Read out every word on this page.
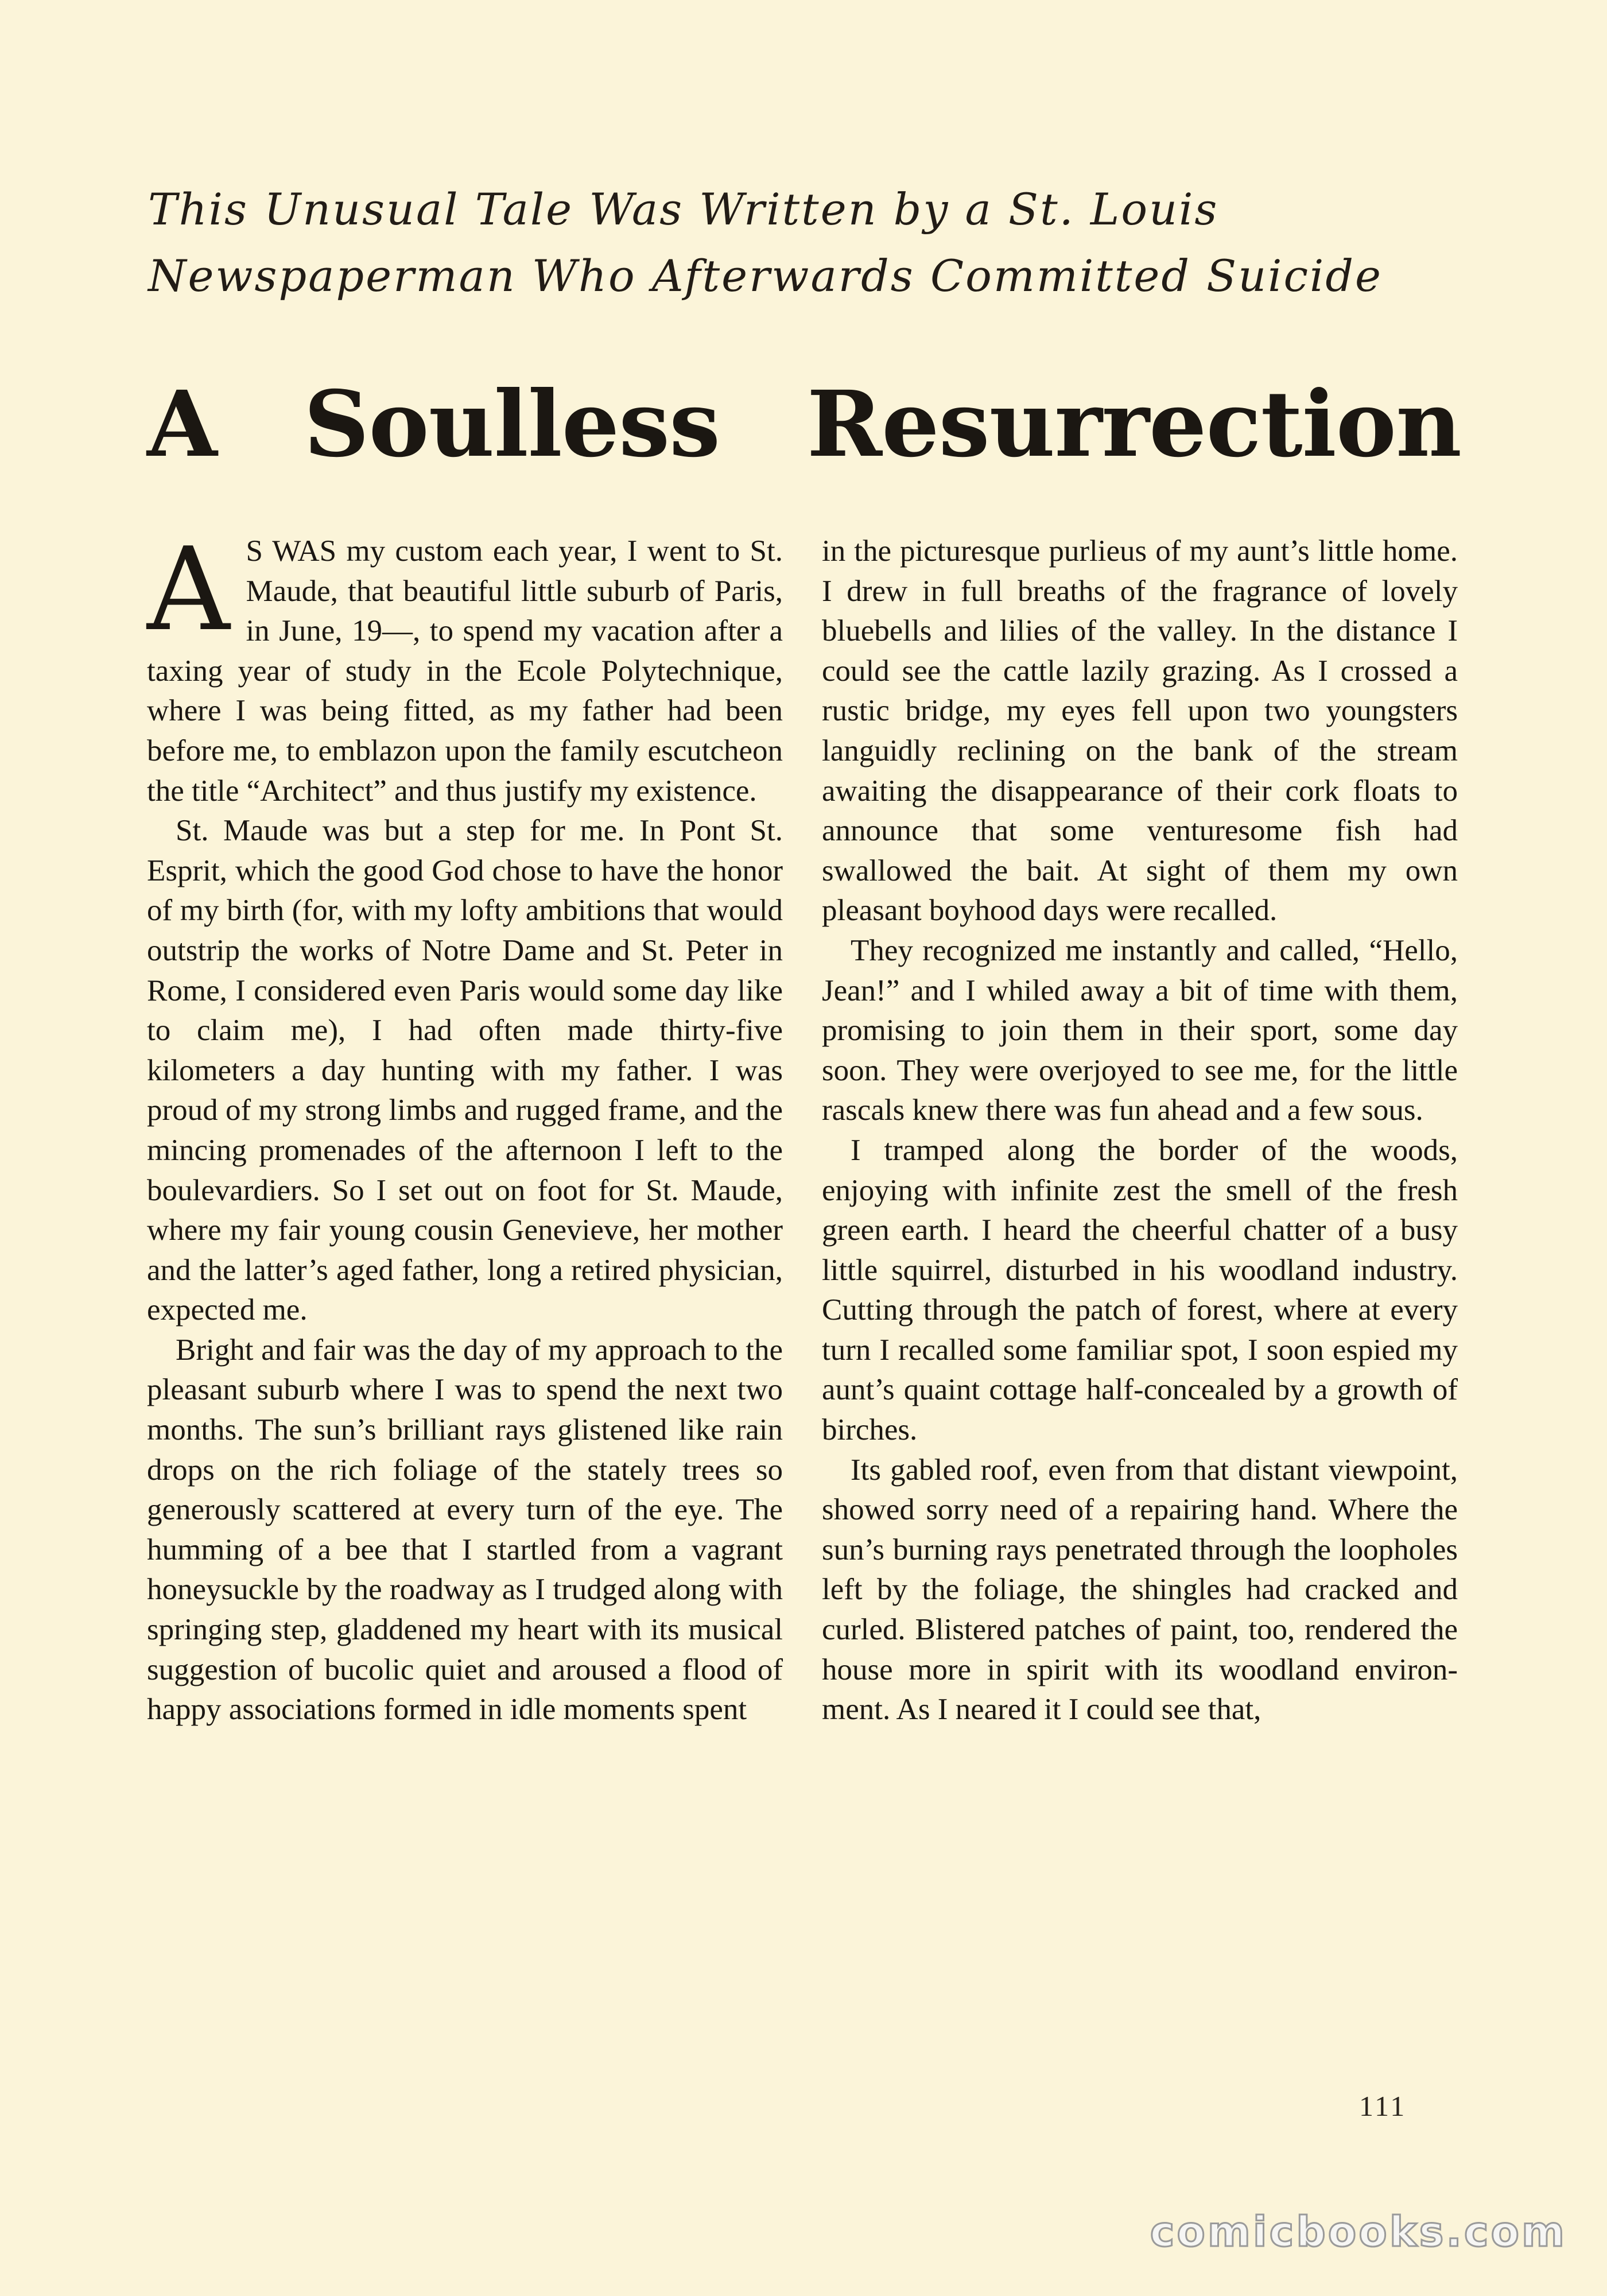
This Unusual Tale Was Written by a St. Louis
Newspaperman Who Afterwards Committed Suicide
A Soulless Resurrection

A S WAS my custom each year, I went to St. Maude, that beautiful little suburb of Paris, in June, 19—, to spend my vacation after a taxing year of study in the Ecole Polytechnique, where I was being fitted, as my father had been before me, to emblazon upon the family escutcheon the title “Architect” and thus justify my existence.

St. Maude was but a step for me. In Pont St. Esprit, which the good God chose to have the honor of my birth (for, with my lofty ambitions that would outstrip the works of Notre Dame and St. Peter in Rome, I considered even Paris would some day like to claim me), I had often made thirty-five kilometers a day hunting with my father. I was proud of my strong limbs and rugged frame, and the mincing promenades of the afternoon I left to the boulevardiers. So I set out on foot for St. Maude, where my fair young cousin Genevieve, her mother and the latter’s aged father, long a retired physician, expected me.

Bright and fair was the day of my approach to the pleasant suburb where I was to spend the next two months. The sun’s brilliant rays glistened like rain drops on the rich foliage of the stately trees so generously scattered at every turn of the eye. The humming of a bee that I startled from a vagrant honeysuckle by the roadway as I trudged along with springing step, gladdened my heart with its musical suggestion of bucolic quiet and aroused a flood of happy associations formed in idle moments spent

in the picturesque purlieus of my aunt’s little home. I drew in full breaths of the fragrance of lovely bluebells and lilies of the valley. In the distance I could see the cattle lazily grazing. As I crossed a rustic bridge, my eyes fell upon two youngsters languidly reclining on the bank of the stream awaiting the disappearance of their cork floats to announce that some venturesome fish had swallowed the bait. At sight of them my own pleasant boyhood days were recalled.

They recognized me instantly and called, “Hello, Jean!” and I whiled away a bit of time with them, promising to join them in their sport, some day soon. They were overjoyed to see me, for the little rascals knew there was fun ahead and a few sous.

I tramped along the border of the woods, enjoying with infinite zest the smell of the fresh green earth. I heard the cheerful chatter of a busy little squirrel, disturbed in his woodland industry. Cutting through the patch of forest, where at every turn I recalled some familiar spot, I soon espied my aunt’s quaint cottage half-concealed by a growth of birches.

Its gabled roof, even from that distant viewpoint, showed sorry need of a repairing hand. Where the sun’s burning rays penetrated through the loopholes left by the foliage, the shingles had cracked and curled. Blistered patches of paint, too, rendered the house more in spirit with its woodland environment. As I neared it I could see that,

111
comicbooks.com
